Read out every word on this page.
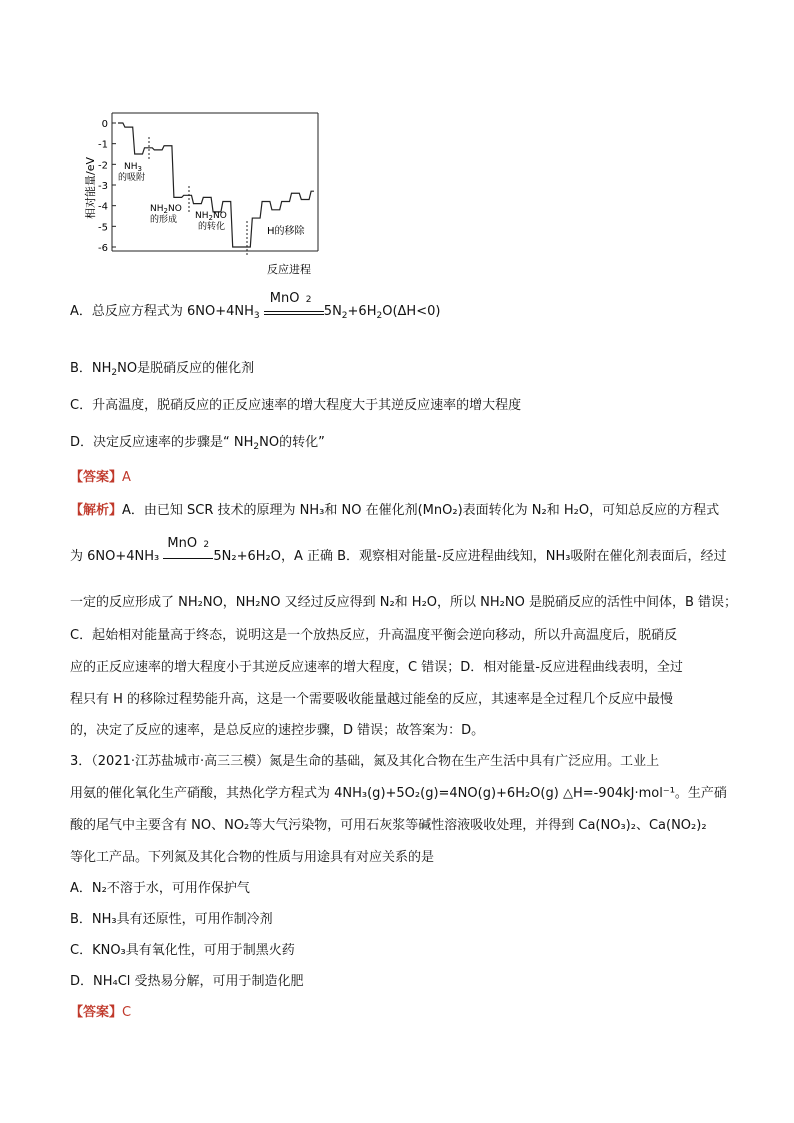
相对能量/eV
0
-1
-2
-3
-4
-5
-6
$NH_3$
的吸附
$NH_2NO$
的形成 $NH_2NO$
的转化	H的移除
反应进程
A．总反应方程式为 $6NO+4NH_3$
MnO 2
$5N_2+6H_2O(\Delta H<0)$
B．$NH_2NO$是脱硝反应的催化剂
C．升高温度，脱硝反应的正反应速率的增大程度大于其逆反应速率的增大程度
D．决定反应速率的步骤是“ $NH_2NO$的转化”
【答案】A
【解析】A．由已知 SCR 技术的原理为 NH₃和 NO 在催化剂(MnO₂)表面转化为 N₂和 H₂O，可知总反应的方程式
为 6NO+4NH₃
MnO 2
5N₂+6H₂O，A 正确 B．观察相对能量-反应进程曲线知，NH₃吸附在催化剂表面后，经过
一定的反应形成了 NH₂NO，NH₂NO 又经过反应得到 N₂和 H₂O，所以 NH₂NO 是脱硝反应的活性中间体，B 错误；
C．起始相对能量高于终态，说明这是一个放热反应，升高温度平衡会逆向移动，所以升高温度后，脱硝反
应的正反应速率的增大程度小于其逆反应速率的增大程度，C 错误；D．相对能量-反应进程曲线表明，全过
程只有 H 的移除过程势能升高，这是一个需要吸收能量越过能垒的反应，其速率是全过程几个反应中最慢
的，决定了反应的速率，是总反应的速控步骤，D 错误；故答案为：D。
3．（2021·江苏盐城市·高三三模）氮是生命的基础，氮及其化合物在生产生活中具有广泛应用。工业上
用氨的催化氧化生产硝酸，其热化学方程式为 4NH₃(g)+5O₂(g)=4NO(g)+6H₂O(g) △H=-904kJ·mol⁻¹。生产硝
酸的尾气中主要含有 NO、NO₂等大气污染物，可用石灰浆等碱性溶液吸收处理，并得到 Ca(NO₃)₂、Ca(NO₂)₂
等化工产品。下列氮及其化合物的性质与用途具有对应关系的是
A．N₂不溶于水，可用作保护气
B．NH₃具有还原性，可用作制冷剂
C．KNO₃具有氧化性，可用于制黑火药
D．NH₄Cl 受热易分解，可用于制造化肥
【答案】C
